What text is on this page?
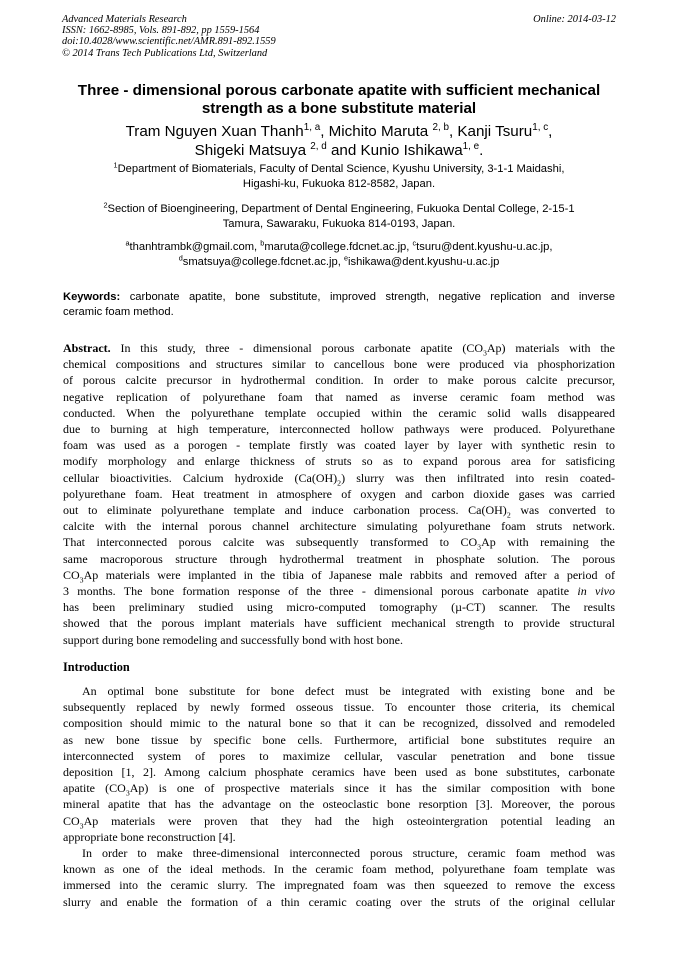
Advanced Materials Research
ISSN: 1662-8985, Vols. 891-892, pp 1559-1564
doi:10.4028/www.scientific.net/AMR.891-892.1559
© 2014 Trans Tech Publications Ltd, Switzerland
Online: 2014-03-12
Three - dimensional porous carbonate apatite with sufficient mechanical
strength as a bone substitute material
Tram Nguyen Xuan Thanh$^{1, a}$, Michito Maruta $^{2, b}$, Kanji Tsuru$^{1, c}$,
Shigeki Matsuya $^{2, d}$ and Kunio Ishikawa$^{1, e}$.
$^1$Department of Biomaterials, Faculty of Dental Science, Kyushu University, 3-1-1 Maidashi,
Higashi-ku, Fukuoka 812-8582, Japan.
$^2$Section of Bioengineering, Department of Dental Engineering, Fukuoka Dental College, 2-15-1
Tamura, Sawaraku, Fukuoka 814-0193, Japan.
$^a$thanhtrambk@gmail.com, $^b$maruta@college.fdcnet.ac.jp, $^c$tsuru@dent.kyushu-u.ac.jp,
$^d$smatsuya@college.fdcnet.ac.jp, $^e$ishikawa@dent.kyushu-u.ac.jp
Keywords: carbonate apatite, bone substitute, improved strength, negative replication and inverse
ceramic foam method.
Abstract. In this study, three - dimensional porous carbonate apatite $(CO_3Ap)$ materials with the
chemical compositions and structures similar to cancellous bone were produced via phosphorization
of porous calcite precursor in hydrothermal condition. In order to make porous calcite precursor,
negative replication of polyurethane foam that named as inverse ceramic foam method was
conducted. When the polyurethane template occupied within the ceramic solid walls disappeared
due to burning at high temperature, interconnected hollow pathways were produced. Polyurethane
foam was used as a porogen - template firstly was coated layer by layer with synthetic resin to
modify morphology and enlarge thickness of struts so as to expand porous area for satisficing
cellular bioactivities. Calcium hydroxide $(Ca(OH)_2)$ slurry was then infiltrated into resin coated-
polyurethane foam. Heat treatment in atmosphere of oxygen and carbon dioxide gases was carried
out to eliminate polyurethane template and induce carbonation process. $Ca(OH)_2$ was converted to
calcite with the internal porous channel architecture simulating polyurethane foam struts network.
That interconnected porous calcite was subsequently transformed to $CO_3Ap$ with remaining the
same macroporous structure through hydrothermal treatment in phosphate solution. The porous
$CO_3Ap$ materials were implanted in the tibia of Japanese male rabbits and removed after a period of
3 months. The bone formation response of the three - dimensional porous carbonate apatite in vivo
has been preliminary studied using micro-computed tomography (µ-CT) scanner. The results
showed that the porous implant materials have sufficient mechanical strength to provide structural
support during bone remodeling and successfully bond with host bone.
Introduction
An optimal bone substitute for bone defect must be integrated with existing bone and be
subsequently replaced by newly formed osseous tissue. To encounter those criteria, its chemical
composition should mimic to the natural bone so that it can be recognized, dissolved and remodeled
as new bone tissue by specific bone cells. Furthermore, artificial bone substitutes require an
interconnected system of pores to maximize cellular, vascular penetration and bone tissue
deposition [1, 2]. Among calcium phosphate ceramics have been used as bone substitutes, carbonate
apatite $(CO_3Ap)$ is one of prospective materials since it has the similar composition with bone
mineral apatite that has the advantage on the osteoclastic bone resorption [3]. Moreover, the porous
$CO_3Ap$ materials were proven that they had the high osteointergration potential leading an
appropriate bone reconstruction [4].
In order to make three-dimensional interconnected porous structure, ceramic foam method was
known as one of the ideal methods. In the ceramic foam method, polyurethane foam template was
immersed into the ceramic slurry. The impregnated foam was then squeezed to remove the excess
slurry and enable the formation of a thin ceramic coating over the struts of the original cellular
